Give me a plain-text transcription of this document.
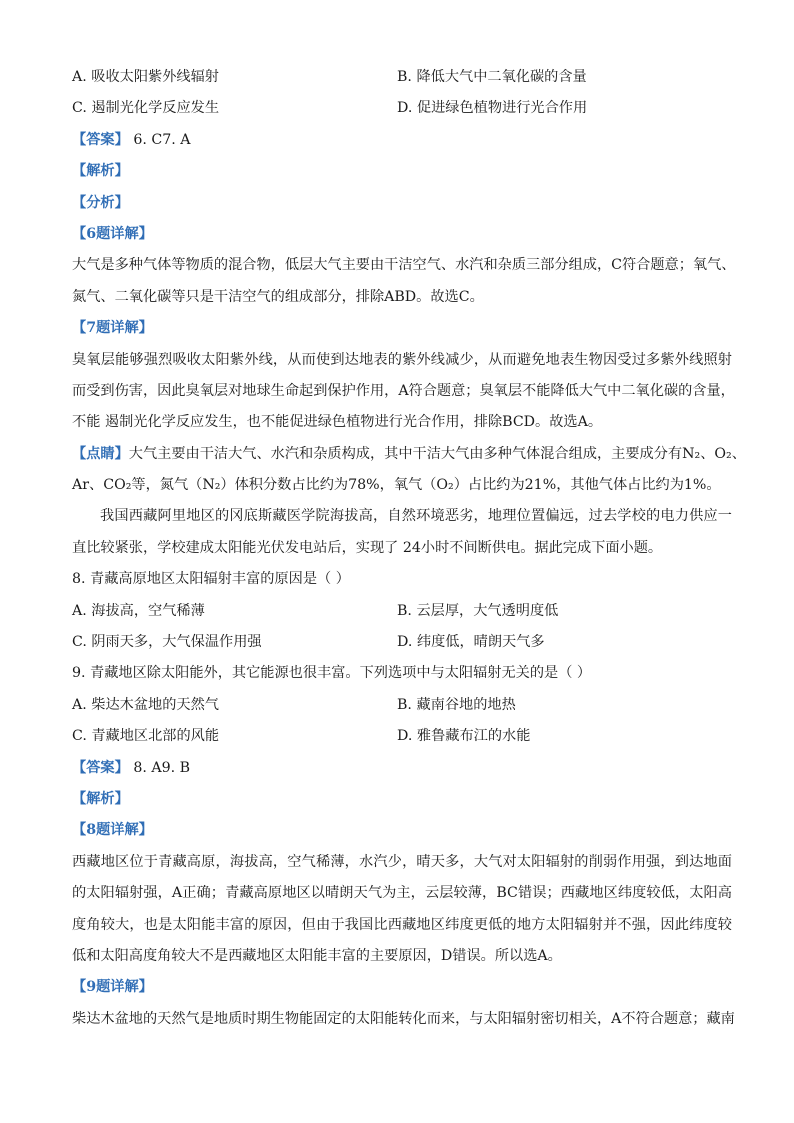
A. 吸收太阳紫外线辐射	B. 降低大气中二氧化碳的含量
C. 遏制光化学反应发生	D. 促进绿色植物进行光合作用
【答案】 6. C7. A
【解析】
【分析】
【6题详解】
大气是多种气体等物质的混合物，低层大气主要由干洁空气、水汽和杂质三部分组成，C符合题意；氧气、
氮气、二氧化碳等只是干洁空气的组成部分，排除ABD。故选C。
【7题详解】
臭氧层能够强烈吸收太阳紫外线，从而使到达地表的紫外线减少，从而避免地表生物因受过多紫外线照射
而受到伤害，因此臭氧层对地球生命起到保护作用，A符合题意；臭氧层不能降低大气中二氧化碳的含量，
不能 遏制光化学反应发生，也不能促进绿色植物进行光合作用，排除BCD。故选A。
【点睛】大气主要由干洁大气、水汽和杂质构成，其中干洁大气由多种气体混合组成，主要成分有N₂、O₂、
Ar、CO₂等，氮气（N₂）体积分数占比约为78%，氧气（O₂）占比约为21%，其他气体占比约为1%。
我国西藏阿里地区的冈底斯藏医学院海拔高，自然环境恶劣，地理位置偏远，过去学校的电力供应一
直比较紧张，学校建成太阳能光伏发电站后，实现了 24小时不间断供电。据此完成下面小题。
8. 青藏高原地区太阳辐射丰富的原因是（ ）
A. 海拔高，空气稀薄	B. 云层厚，大气透明度低
C. 阴雨天多，大气保温作用强	D. 纬度低，晴朗天气多
9. 青藏地区除太阳能外，其它能源也很丰富。下列选项中与太阳辐射无关的是（ ）
A. 柴达木盆地的天然气	B. 藏南谷地的地热
C. 青藏地区北部的风能	D. 雅鲁藏布江的水能
【答案】 8. A9. B
【解析】
【8题详解】
西藏地区位于青藏高原，海拔高，空气稀薄，水汽少，晴天多，大气对太阳辐射的削弱作用强，到达地面
的太阳辐射强，A正确；青藏高原地区以晴朗天气为主，云层较薄，BC错误；西藏地区纬度较低，太阳高
度角较大，也是太阳能丰富的原因，但由于我国比西藏地区纬度更低的地方太阳辐射并不强，因此纬度较
低和太阳高度角较大不是西藏地区太阳能丰富的主要原因，D错误。所以选A。
【9题详解】
柴达木盆地的天然气是地质时期生物能固定的太阳能转化而来，与太阳辐射密切相关，A不符合题意；藏南
